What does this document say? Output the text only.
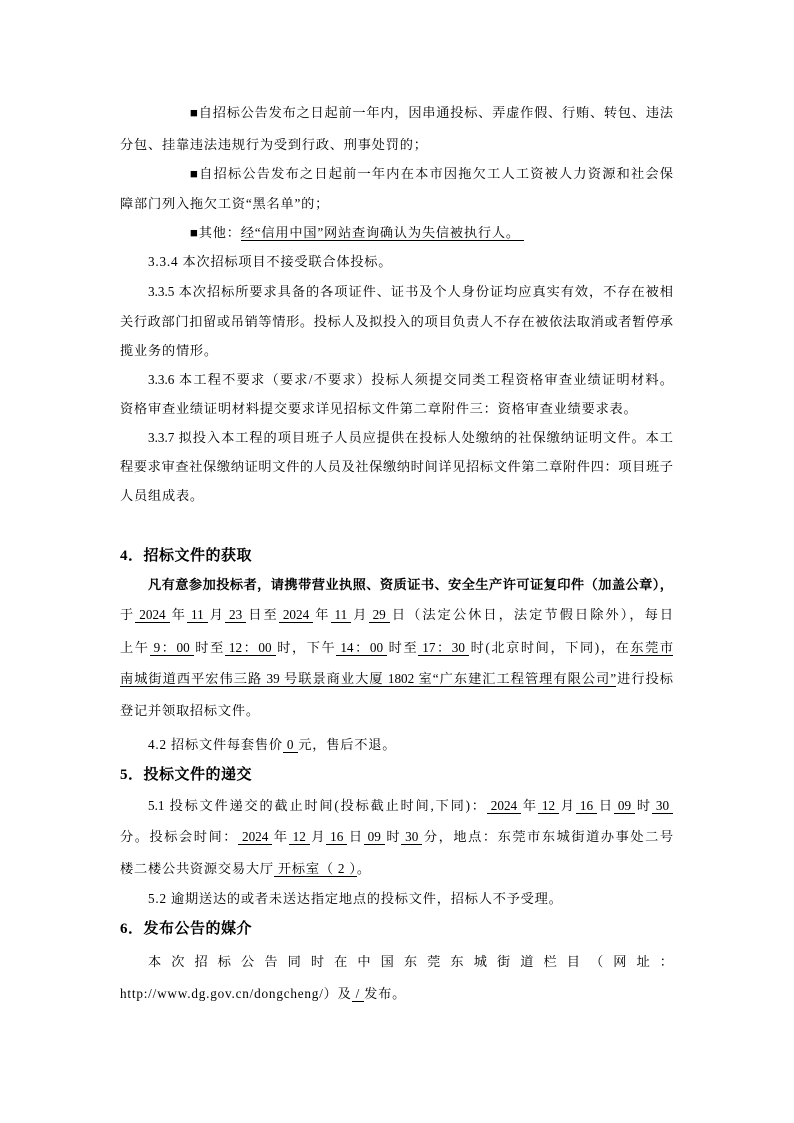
■自招标公告发布之日起前一年内，因串通投标、弄虚作假、行贿、转包、违法
分包、挂靠违法违规行为受到行政、刑事处罚的；
■自招标公告发布之日起前一年内在本市因拖欠工人工资被人力资源和社会保
障部门列入拖欠工资“黑名单”的；
■其他：经“信用中国”网站查询确认为失信被执行人。
3.3.4 本次招标项目不接受联合体投标。
3.3.5 本次招标所要求具备的各项证件、证书及个人身份证均应真实有效，不存在被相
关行政部门扣留或吊销等情形。投标人及拟投入的项目负责人不存在被依法取消或者暂停承
揽业务的情形。
3.3.6 本工程不要求（要求/不要求）投标人须提交同类工程资格审查业绩证明材料。
资格审查业绩证明材料提交要求详见招标文件第二章附件三：资格审查业绩要求表。
3.3.7 拟投入本工程的项目班子人员应提供在投标人处缴纳的社保缴纳证明文件。本工
程要求审查社保缴纳证明文件的人员及社保缴纳时间详见招标文件第二章附件四：项目班子
人员组成表。
4．招标文件的获取
凡有意参加投标者，请携带营业执照、资质证书、安全生产许可证复印件（加盖公章），
于 2024 年 11 月 23 日至 2024 年 11 月 29 日（法定公休日，法定节假日除外），每日
上午 9：00 时至 12：00 时，下午 14：00 时至 17：30 时(北京时间，下同)，在东莞市
南城街道西平宏伟三路 39 号联景商业大厦 1802 室“广东建汇工程管理有限公司”进行投标
登记并领取招标文件。
4.2 招标文件每套售价 0 元，售后不退。
5．投标文件的递交
5.1 投标文件递交的截止时间(投标截止时间,下同)： 2024 年 12 月 16 日 09 时 30
分。投标会时间： 2024 年 12 月 16 日 09 时 30 分，地点：东莞市东城街道办事处二号
楼二楼公共资源交易大厅 开标室（ 2 ）。
5.2 逾期送达的或者未送达指定地点的投标文件，招标人不予受理。
6．发布公告的媒介
本次招标公告同时在中国东莞东城街道栏目（网址：
http://www.dg.gov.cn/dongcheng/）及 / 发布。
